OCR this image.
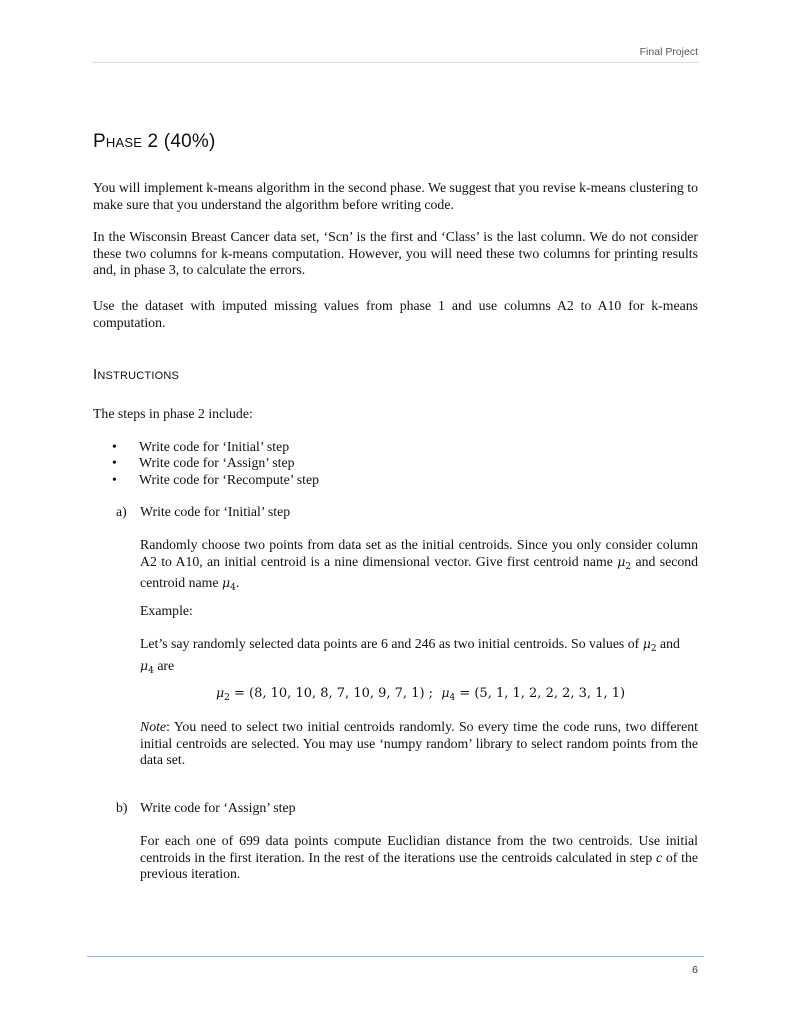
Final Project
Phase 2 (40%)

You will implement k-means algorithm in the second phase. We suggest that you revise k-means clustering to make sure that you understand the algorithm before writing code.

In the Wisconsin Breast Cancer data set, ‘Scn’ is the first and ‘Class’ is the last column. We do not consider these two columns for k-means computation. However, you will need these two columns for printing results and, in phase 3, to calculate the errors.

Use the dataset with imputed missing values from phase 1 and use columns A2 to A10 for k-means computation.

Instructions

The steps in phase 2 include:

• Write code for ‘Initial’ step
• Write code for ‘Assign’ step
• Write code for ‘Recompute’ step
a) Write code for ‘Initial’ step

Randomly choose two points from data set as the initial centroids. Since you only consider column A2 to A10, an initial centroid is a nine dimensional vector. Give first centroid name $\mu_2$ and second centroid name $\mu_4$.

Example:

Let’s say randomly selected data points are 6 and 246 as two initial centroids. So values of $\mu_2$ and
$\mu_4$ are

$\mu_2 = (8$, 10, 10, 8, 7, 10, 9, 7, 1) ;  $\mu_4 = (5$, 1, 1, 2, 2, 2, 3, 1, 1)

Note: You need to select two initial centroids randomly. So every time the code runs, two different initial centroids are selected. You may use ‘numpy random’ library to select random points from the data set.

b) Write code for ‘Assign’ step

For each one of 699 data points compute Euclidian distance from the two centroids. Use initial centroids in the first iteration. In the rest of the iterations use the centroids calculated in step c of the previous iteration.

6
